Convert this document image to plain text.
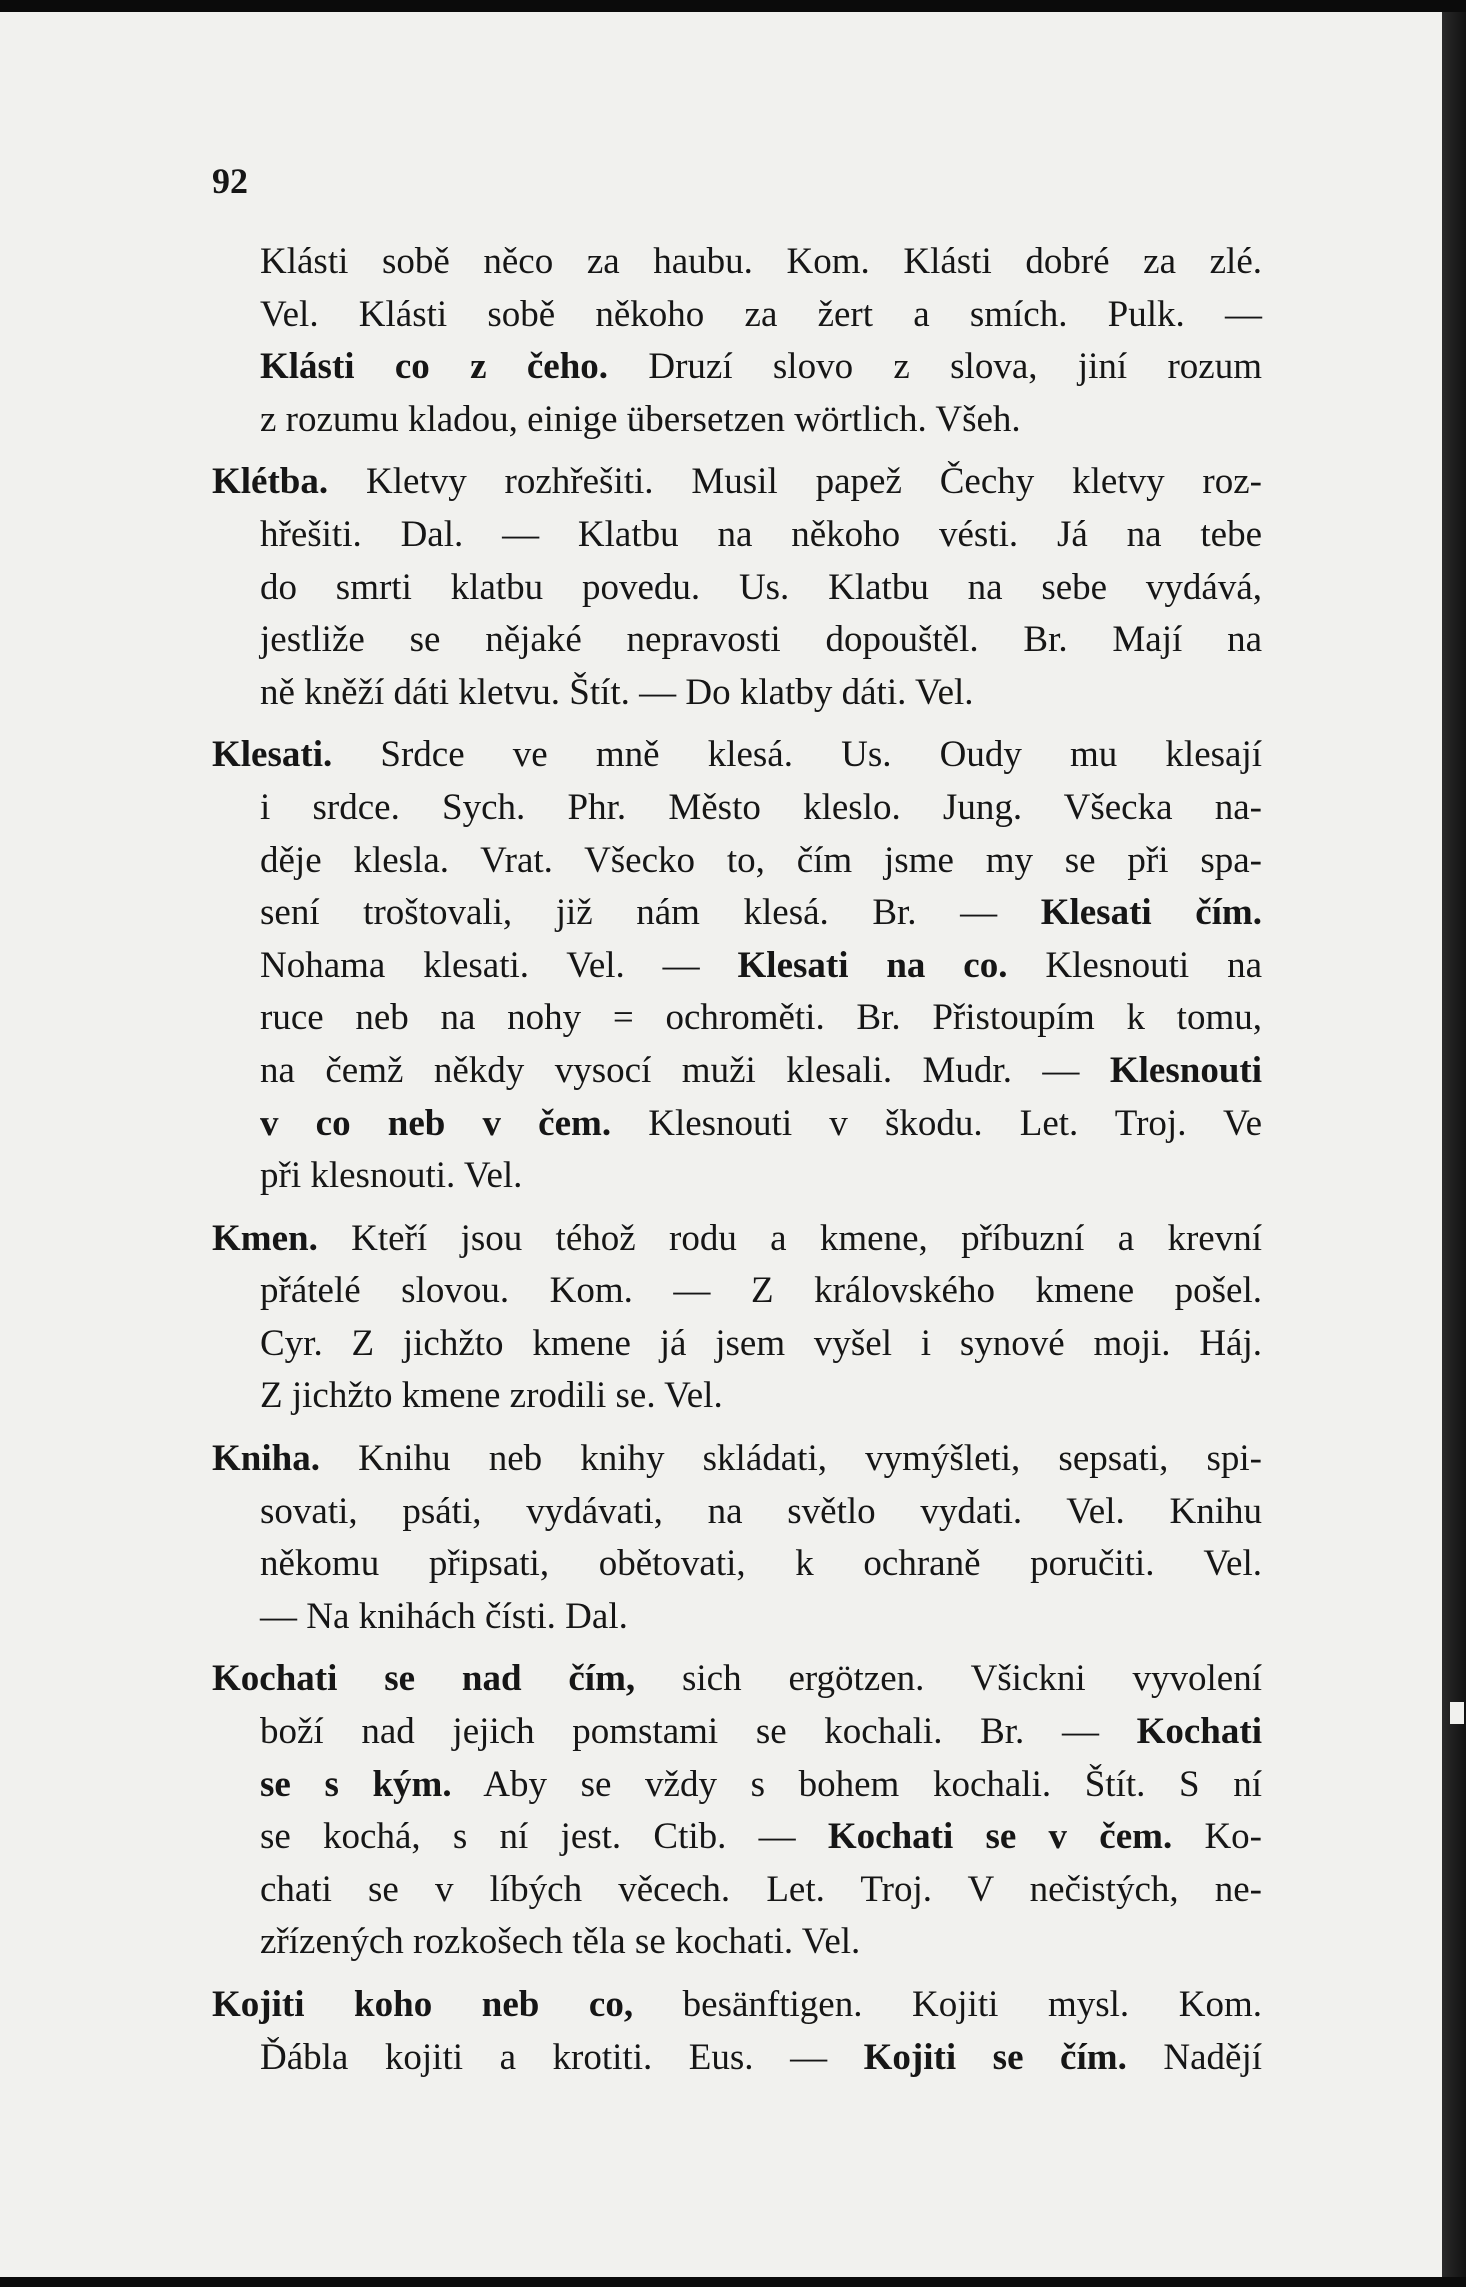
92
Klásti sobě něco za haubu. Kom. Klásti dobré za zlé.
Vel. Klásti sobě někoho za žert a smích. Pulk. —
Klásti co z čeho. Druzí slovo z slova, jiní rozum
z rozumu kladou, einige übersetzen wörtlich. Všeh.
Klétba. Kletvy rozhřešiti. Musil papež Čechy kletvy roz-
hřešiti. Dal. — Klatbu na někoho vésti. Já na tebe
do smrti klatbu povedu. Us. Klatbu na sebe vydává,
jestliže se nějaké nepravosti dopouštěl. Br. Mají na
ně kněží dáti kletvu. Štít. — Do klatby dáti. Vel.
Klesati. Srdce ve mně klesá. Us. Oudy mu klesají
i srdce. Sych. Phr. Město kleslo. Jung. Všecka na-
děje klesla. Vrat. Všecko to, čím jsme my se při spa-
sení troštovali, již nám klesá. Br. — Klesati čím.
Nohama klesati. Vel. — Klesati na co. Klesnouti na
ruce neb na nohy = ochroměti. Br. Přistoupím k tomu,
na čemž někdy vysocí muži klesali. Mudr. — Klesnouti
v co neb v čem. Klesnouti v škodu. Let. Troj. Ve
při klesnouti. Vel.
Kmen. Kteří jsou téhož rodu a kmene, příbuzní a krevní
přátelé slovou. Kom. — Z královského kmene pošel.
Cyr. Z jichžto kmene já jsem vyšel i synové moji. Háj.
Z jichžto kmene zrodili se. Vel.
Kniha. Knihu neb knihy skládati, vymýšleti, sepsati, spi-
sovati, psáti, vydávati, na světlo vydati. Vel. Knihu
někomu připsati, obětovati, k ochraně poručiti. Vel.
— Na knihách čísti. Dal.
Kochati se nad čím, sich ergötzen. Všickni vyvolení
boží nad jejich pomstami se kochali. Br. — Kochati
se s kým. Aby se vždy s bohem kochali. Štít. S ní
se kochá, s ní jest. Ctib. — Kochati se v čem. Ko-
chati se v líbých věcech. Let. Troj. V nečistých, ne-
zřízených rozkošech těla se kochati. Vel.
Kojiti koho neb co, besänftigen. Kojiti mysl. Kom.
Ďábla kojiti a krotiti. Eus. — Kojiti se čím. Nadějí
